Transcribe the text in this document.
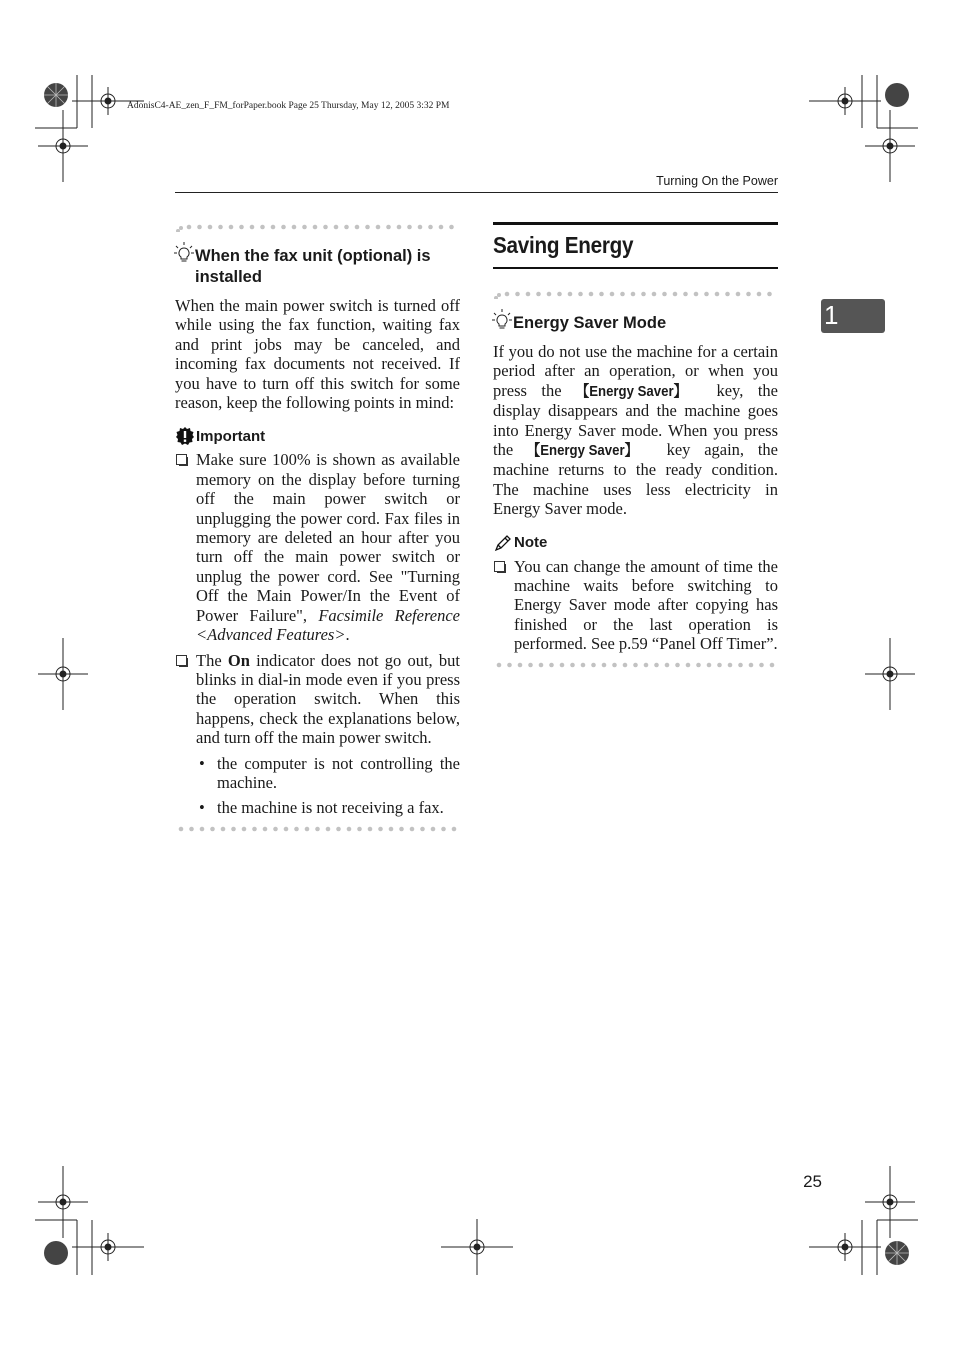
AdonisC4-AE_zen_F_FM_forPaper.book Page 25 Thursday, May 12, 2005 3:32 PM
Turning On the Power
1
When the fax unit (optional) is
installed

When the main power switch is turned off while using the fax function, waiting fax and print jobs may be canceled, and incoming fax documents not received. If you have to turn off this switch for some reason, keep the following points in mind:

Important
Make sure 100% is shown as available memory on the display before turning off the main power switch or unplugging the power cord. Fax files in memory are deleted an hour after you turn off the main power switch or unplug the power cord. See "Turning Off the Main Power/In the Event of Power Failure", Facsimile Reference <Advanced Features>.
The On indicator does not go out, but blinks in dial-in mode even if you press the operation switch. When this happens, check the explanations below, and turn off the main power switch.
• the computer is not controlling the machine.
• the machine is not receiving a fax.
Saving Energy
Energy Saver Mode

If you do not use the machine for a certain period after an operation, or when you press the 【Energy Saver】 key, the display disappears and the machine goes into Energy Saver mode. When you press the 【Energy Saver】 key again, the machine returns to the ready condition. The machine uses less electricity in Energy Saver mode.

Note
You can change the amount of time the machine waits before switching to Energy Saver mode after copying has finished or the last operation is performed. See p.59 “Panel Off Timer”.
25
